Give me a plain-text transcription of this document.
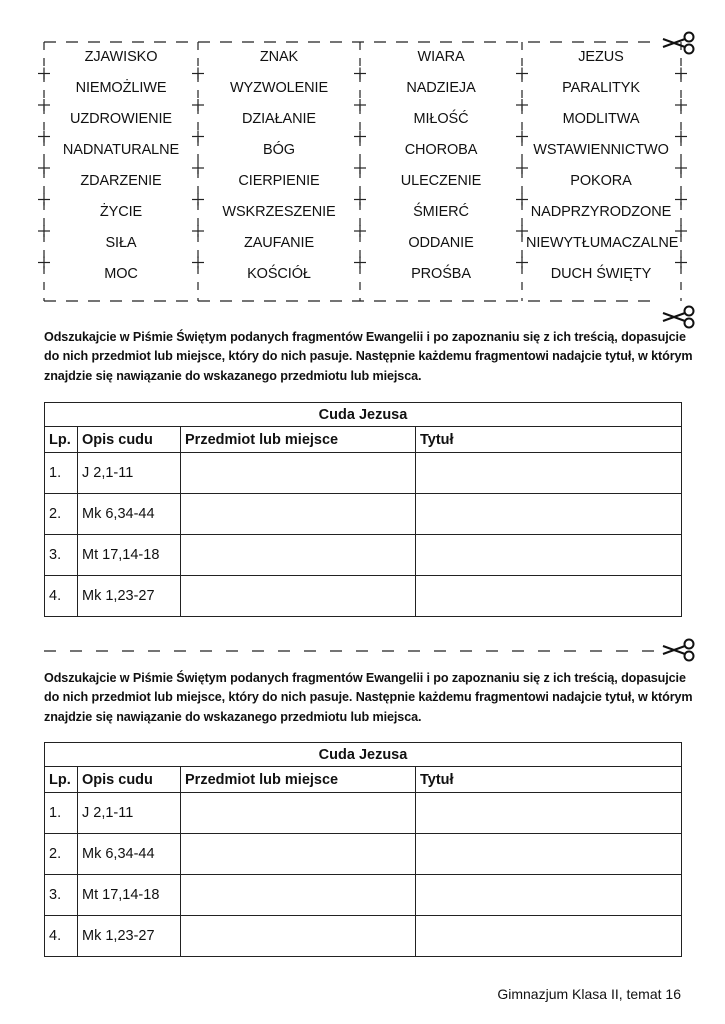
ZJAWISKO	ZNAK	WIARA	JEZUS
NIEMOŻLIWE	WYZWOLENIE	NADZIEJA	PARALITYK
UZDROWIENIE	DZIAŁANIE	MIŁOŚĆ	MODLITWA
NADNATURALNE	BÓG	CHOROBA	WSTAWIENNICTWO
ZDARZENIE	CIERPIENIE	ULECZENIE	POKORA
ŻYCIE	WSKRZESZENIE	ŚMIERĆ	NADPRZYRODZONE
SIŁA	ZAUFANIE	ODDANIE	NIEWYTŁUMACZALNE
MOC	KOŚCIÓŁ	PROŚBA	DUCH ŚWIĘTY
Odszukajcie w Piśmie Świętym podanych fragmentów Ewangelii i po zapoznaniu się z ich treścią, dopasujcie do nich przedmiot lub miejsce, który do nich pasuje. Następnie każdemu fragmentowi nadajcie tytuł, w którym znajdzie się nawiązanie do wskazanego przedmiotu lub miejsca.
Cuda Jezusa			
Lp.	Opis cudu	Przedmiot lub miejsce	Tytuł
1.	J 2,1-11		
2.	Mk 6,34-44		
3.	Mt 17,14-18		
4.	Mk 1,23-27		
Odszukajcie w Piśmie Świętym podanych fragmentów Ewangelii i po zapoznaniu się z ich treścią, dopasujcie do nich przedmiot lub miejsce, który do nich pasuje. Następnie każdemu fragmentowi nadajcie tytuł, w którym znajdzie się nawiązanie do wskazanego przedmiotu lub miejsca.
Cuda Jezusa			
Lp.	Opis cudu	Przedmiot lub miejsce	Tytuł
1.	J 2,1-11		
2.	Mk 6,34-44		
3.	Mt 17,14-18		
4.	Mk 1,23-27		
Gimnazjum Klasa II, temat 16
